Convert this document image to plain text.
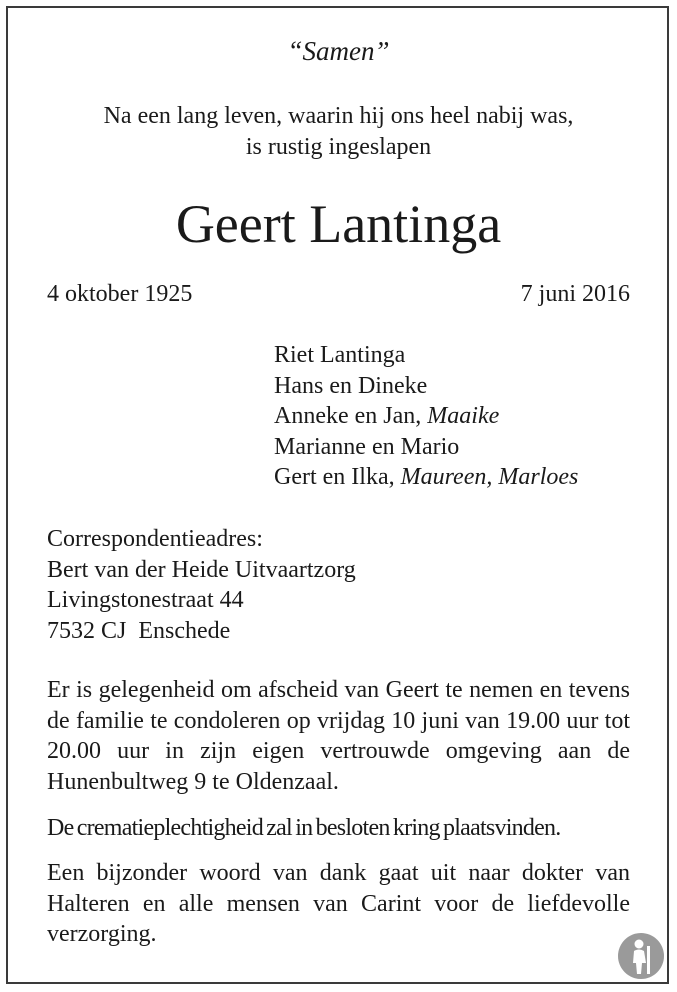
“Samen”
Na een lang leven, waarin hij ons heel nabij was,
is rustig ingeslapen
Geert Lantinga
4 oktober 1925	7 juni 2016
Riet Lantinga
Hans en Dineke
Anneke en Jan, Maaike
Marianne en Mario
Gert en Ilka, Maureen, Marloes
Correspondentieadres:
Bert van der Heide Uitvaartzorg
Livingstonestraat 44
7532 CJ  Enschede
Er is gelegenheid om afscheid van Geert te nemen en tevens de familie te condoleren op vrijdag 10 juni van 19.00 uur tot 20.00 uur in zijn eigen vertrouwde omgeving aan de Hunenbultweg 9 te Oldenzaal.
De crematieplechtigheid zal in besloten kring plaatsvinden.
Een bijzonder woord van dank gaat uit naar dokter van Halteren en alle mensen van Carint voor de liefdevolle verzorging.
